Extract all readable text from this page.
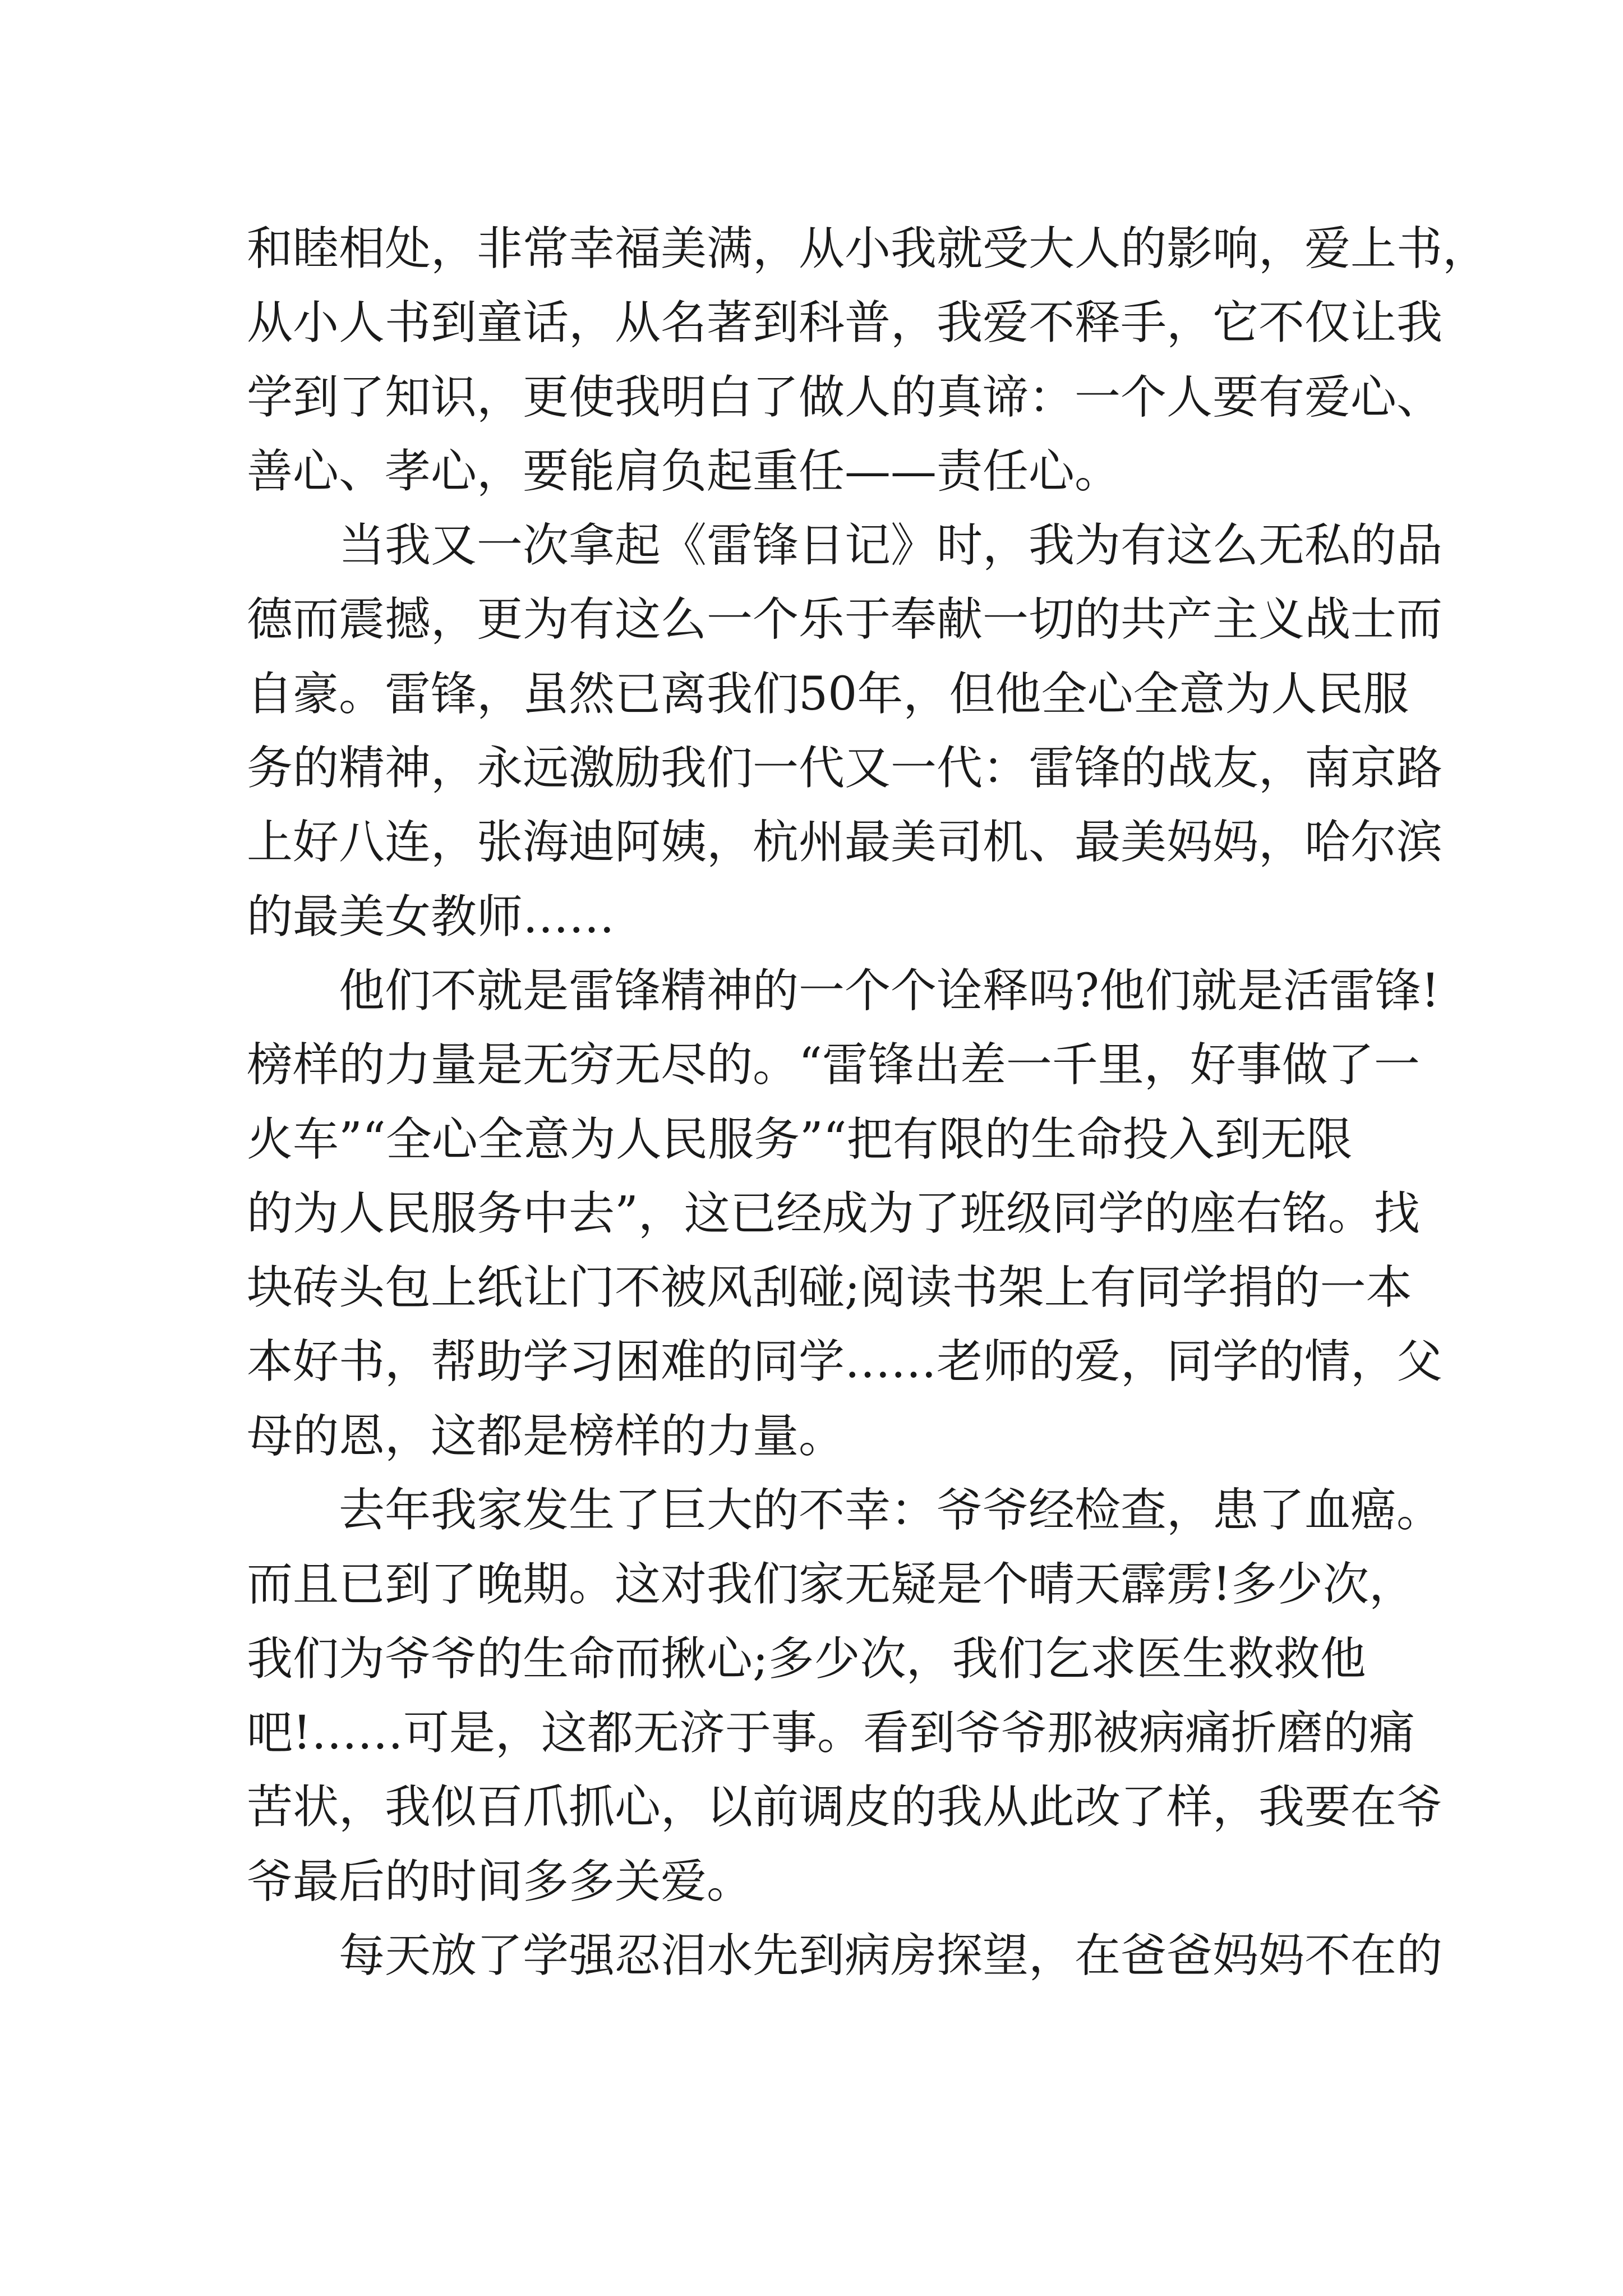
和睦相处，非常幸福美满，从小我就受大人的影响，爱上书，
从小人书到童话，从名著到科普，我爱不释手，它不仅让我
学到了知识，更使我明白了做人的真谛：一个人要有爱心、
善心、孝心，要能肩负起重任——责任心。
当我又一次拿起《雷锋日记》时，我为有这么无私的品
德而震撼，更为有这么一个乐于奉献一切的共产主义战士而
自豪。雷锋，虽然已离我们50年，但他全心全意为人民服
务的精神，永远激励我们一代又一代：雷锋的战友，南京路
上好八连，张海迪阿姨，杭州最美司机、最美妈妈，哈尔滨
的最美女教师……
他们不就是雷锋精神的一个个诠释吗?他们就是活雷锋!
榜样的力量是无穷无尽的。“雷锋出差一千里，好事做了一
火车”“全心全意为人民服务”“把有限的生命投入到无限
的为人民服务中去”，这已经成为了班级同学的座右铭。找
块砖头包上纸让门不被风刮碰;阅读书架上有同学捐的一本
本好书，帮助学习困难的同学……老师的爱，同学的情，父
母的恩，这都是榜样的力量。
去年我家发生了巨大的不幸：爷爷经检查，患了血癌。
而且已到了晚期。这对我们家无疑是个晴天霹雳!多少次，
我们为爷爷的生命而揪心;多少次，我们乞求医生救救他
吧!……可是，这都无济于事。看到爷爷那被病痛折磨的痛
苦状，我似百爪抓心，以前调皮的我从此改了样，我要在爷
爷最后的时间多多关爱。
每天放了学强忍泪水先到病房探望，在爸爸妈妈不在的
